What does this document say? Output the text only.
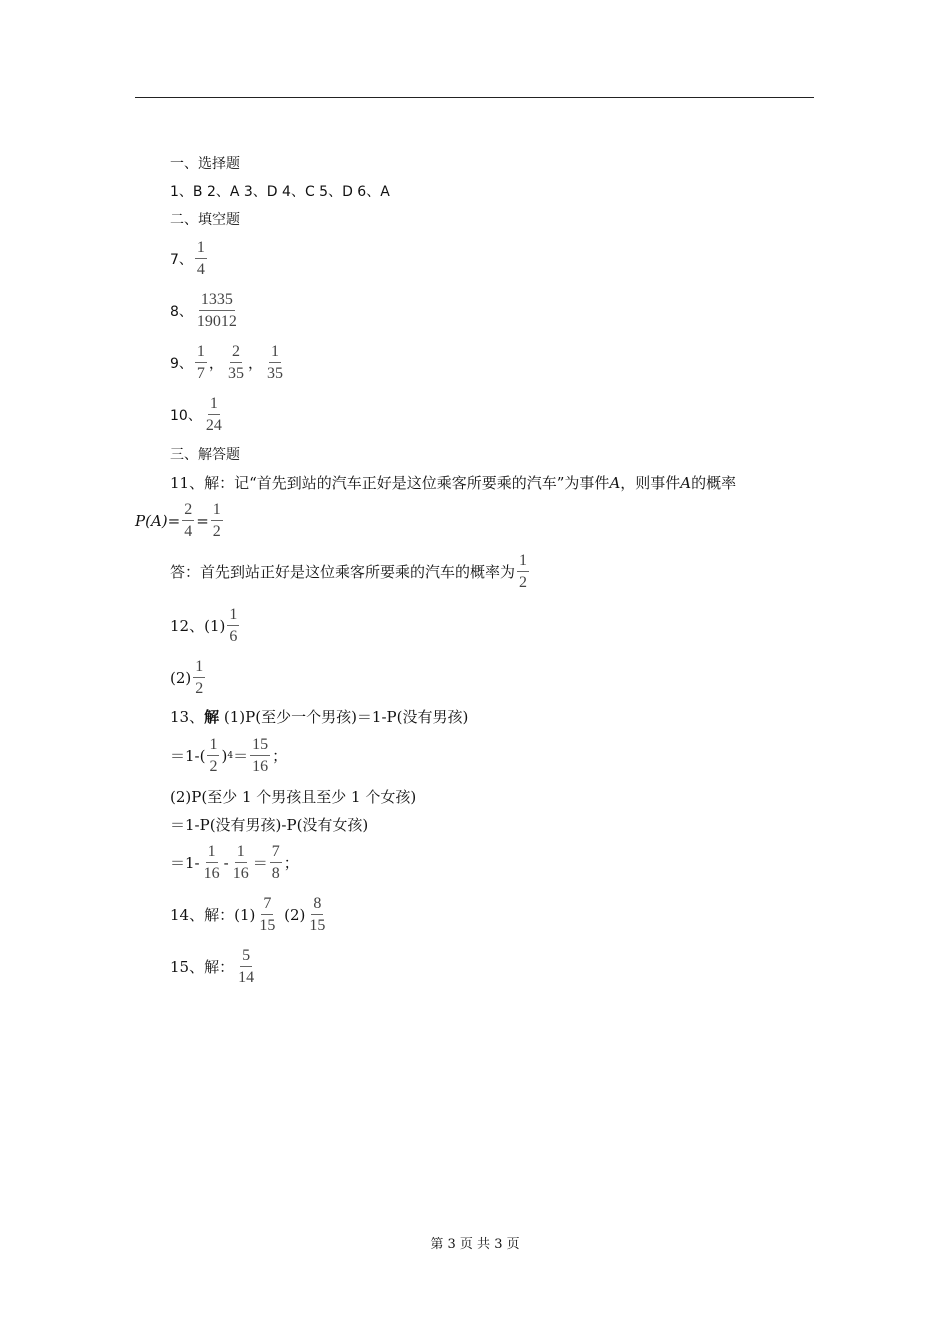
一、选择题
1、B 2、A 3、D 4、C 5、D 6、A
二、填空题
7、 $\frac{1}{4}$
8、 $\frac{1335}{19012}$
9、 $\frac{1}{7}$ ， $\frac{2}{35}$ ， $\frac{1}{35}$
10、 $\frac{1}{24}$
三、解答题
11、解：记“首先到站的汽车正好是这位乘客所要乘的汽车”为事件 A ，则事件 A 的概率
$P(A)= \frac{2}{4} = \frac{1}{2}$
答：首先到站正好是这位乘客所要乘的汽车的概率为 $\frac{1}{2}$
12、$(1) \frac{1}{6}$
$(2) \frac{1}{2}$
13、 解
(1)P(至少一个男孩)＝1-P(没有男孩)
$=1-( \frac{1}{2}$ ) $4 = \frac{15}{16}$ ；
(2)P(至少 1 个男孩且至少 1 个女孩)
＝1-P(没有男孩)-P(没有女孩)
$=1- \frac{1}{16} - \frac{1}{16} = \frac{7}{8}$ ；
14、解：$(1) \frac{7}{15}$
$(2) \frac{8}{15}$
15、解： $\frac{5}{14}$
第 3 页 共 3 页
